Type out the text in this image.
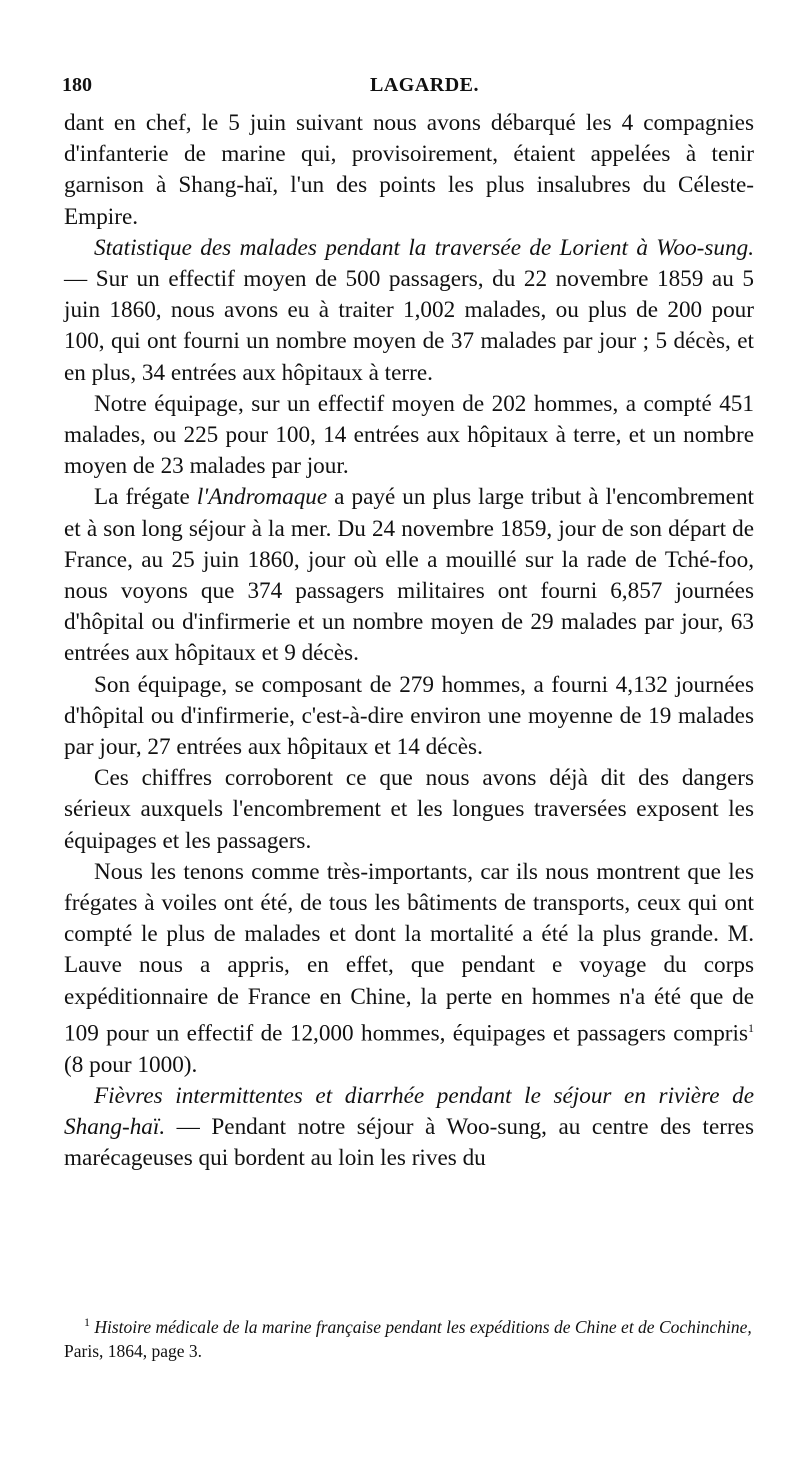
180	LAGARDE.

dant en chef, le 5 juin suivant nous avons débarqué les 4 compagnies d'infanterie de marine qui, provisoirement, étaient appelées à tenir garnison à Shang-haï, l'un des points les plus insalubres du Céleste-Empire.

Statistique des malades pendant la traversée de Lorient à Woo-sung. — Sur un effectif moyen de 500 passagers, du 22 novembre 1859 au 5 juin 1860, nous avons eu à traiter 1,002 malades, ou plus de 200 pour 100, qui ont fourni un nombre moyen de 37 malades par jour ; 5 décès, et en plus, 34 entrées aux hôpitaux à terre.

Notre équipage, sur un effectif moyen de 202 hommes, a compté 451 malades, ou 225 pour 100, 14 entrées aux hôpitaux à terre, et un nombre moyen de 23 malades par jour.

La frégate l'Andromaque a payé un plus large tribut à l'encombrement et à son long séjour à la mer. Du 24 novembre 1859, jour de son départ de France, au 25 juin 1860, jour où elle a mouillé sur la rade de Tché-foo, nous voyons que 374 passagers militaires ont fourni 6,857 journées d'hôpital ou d'infirmerie et un nombre moyen de 29 malades par jour, 63 entrées aux hôpitaux et 9 décès.

Son équipage, se composant de 279 hommes, a fourni 4,132 journées d'hôpital ou d'infirmerie, c'est-à-dire environ une moyenne de 19 malades par jour, 27 entrées aux hôpitaux et 14 décès.

Ces chiffres corroborent ce que nous avons déjà dit des dangers sérieux auxquels l'encombrement et les longues traversées exposent les équipages et les passagers.

Nous les tenons comme très-importants, car ils nous montrent que les frégates à voiles ont été, de tous les bâtiments de transports, ceux qui ont compté le plus de malades et dont la mortalité a été la plus grande. M. Lauve nous a appris, en effet, que pendant e voyage du corps expéditionnaire de France en Chine, la perte en hommes n'a été que de 109 pour un effectif de 12,000 hommes, équipages et passagers compris$^1$ (8 pour 1000).

Fièvres intermittentes et diarrhée pendant le séjour en rivière de Shang-haï. — Pendant notre séjour à Woo-sung, au centre des terres marécageuses qui bordent au loin les rives du

$^1$ Histoire médicale de la marine française pendant les expéditions de Chine et de Cochinchine, Paris, 1864, page 3.
